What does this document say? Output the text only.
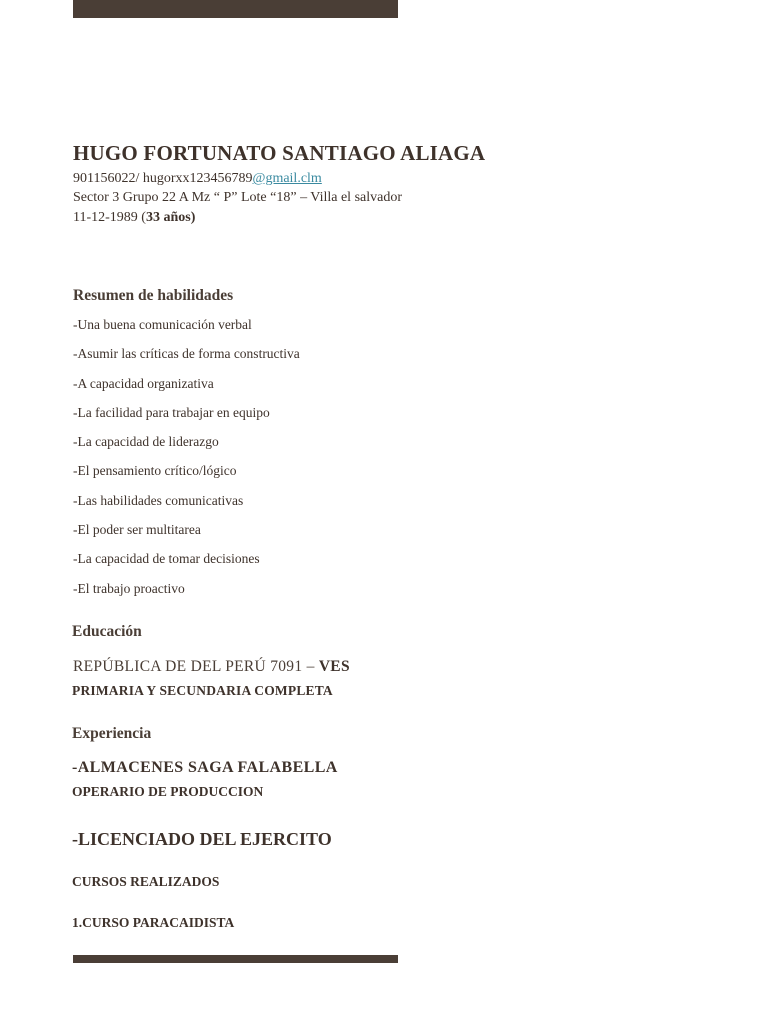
HUGO FORTUNATO SANTIAGO ALIAGA
901156022/ hugorxx123456789@gmail.clm
Sector 3 Grupo 22 A Mz “ P” Lote “18” – Villa el salvador
11-12-1989 (33 años)
Resumen de habilidades
-Una buena comunicación verbal
-Asumir las críticas de forma constructiva
-A capacidad organizativa
-La facilidad para trabajar en equipo
-La capacidad de liderazgo
-El pensamiento crítico/lógico
-Las habilidades comunicativas
-El poder ser multitarea
-La capacidad de tomar decisiones
-El trabajo proactivo
Educación
REPÚBLICA DE DEL PERÚ 7091 – VES
PRIMARIA Y SECUNDARIA COMPLETA
Experiencia
-ALMACENES SAGA FALABELLA
OPERARIO DE PRODUCCION
-LICENCIADO DEL EJERCITO
CURSOS REALIZADOS
1.CURSO PARACAIDISTA
